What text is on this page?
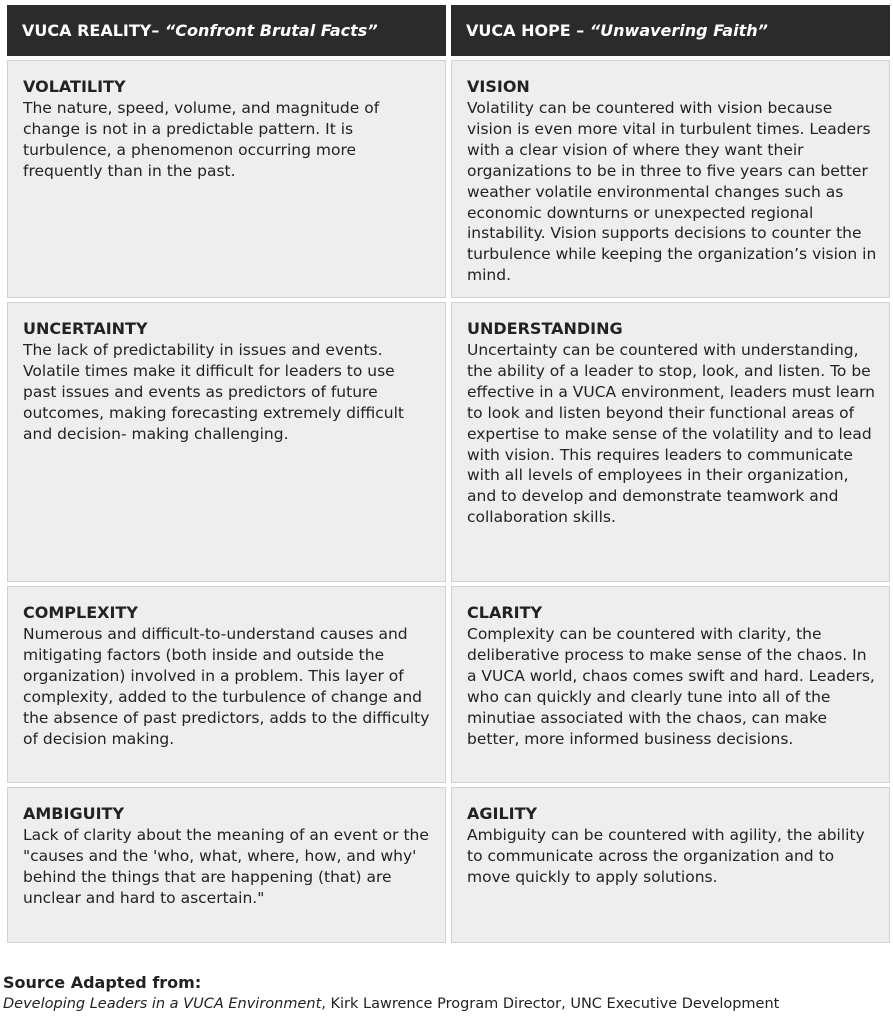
VUCA REALITY– “Confront Brutal Facts”	VUCA HOPE – “Unwavering Faith”
VOLATILITY
The nature, speed, volume, and magnitude of change is not in a predictable pattern. It is turbulence, a phenomenon occurring more frequently than in the past.
VISION
Volatility can be countered with vision because vision is even more vital in turbulent times. Leaders with a clear vision of where they want their organizations to be in three to five years can better weather volatile environmental changes such as economic downturns or unexpected regional instability. Vision supports decisions to counter the turbulence while keeping the organization’s vision in mind.
UNCERTAINTY
The lack of predictability in issues and events. Volatile times make it difficult for leaders to use past issues and events as predictors of future outcomes, making forecasting extremely difficult and decision- making challenging.
UNDERSTANDING
Uncertainty can be countered with understanding, the ability of a leader to stop, look, and listen. To be effective in a VUCA environment, leaders must learn to look and listen beyond their functional areas of expertise to make sense of the volatility and to lead with vision. This requires leaders to communicate with all levels of employees in their organization, and to develop and demonstrate teamwork and collaboration skills.
COMPLEXITY
Numerous and difficult-to-understand causes and mitigating factors (both inside and outside the organization) involved in a problem. This layer of complexity, added to the turbulence of change and the absence of past predictors, adds to the difficulty of decision making.
CLARITY
Complexity can be countered with clarity, the deliberative process to make sense of the chaos. In a VUCA world, chaos comes swift and hard. Leaders, who can quickly and clearly tune into all of the minutiae associated with the chaos, can make better, more informed business decisions.
AMBIGUITY
Lack of clarity about the meaning of an event or the "causes and the 'who, what, where, how, and why' behind the things that are happening (that) are unclear and hard to ascertain."
AGILITY
Ambiguity can be countered with agility, the ability to communicate across the organization and to move quickly to apply solutions.
Source Adapted from:
Developing Leaders in a VUCA Environment, Kirk Lawrence Program Director, UNC Executive Development
